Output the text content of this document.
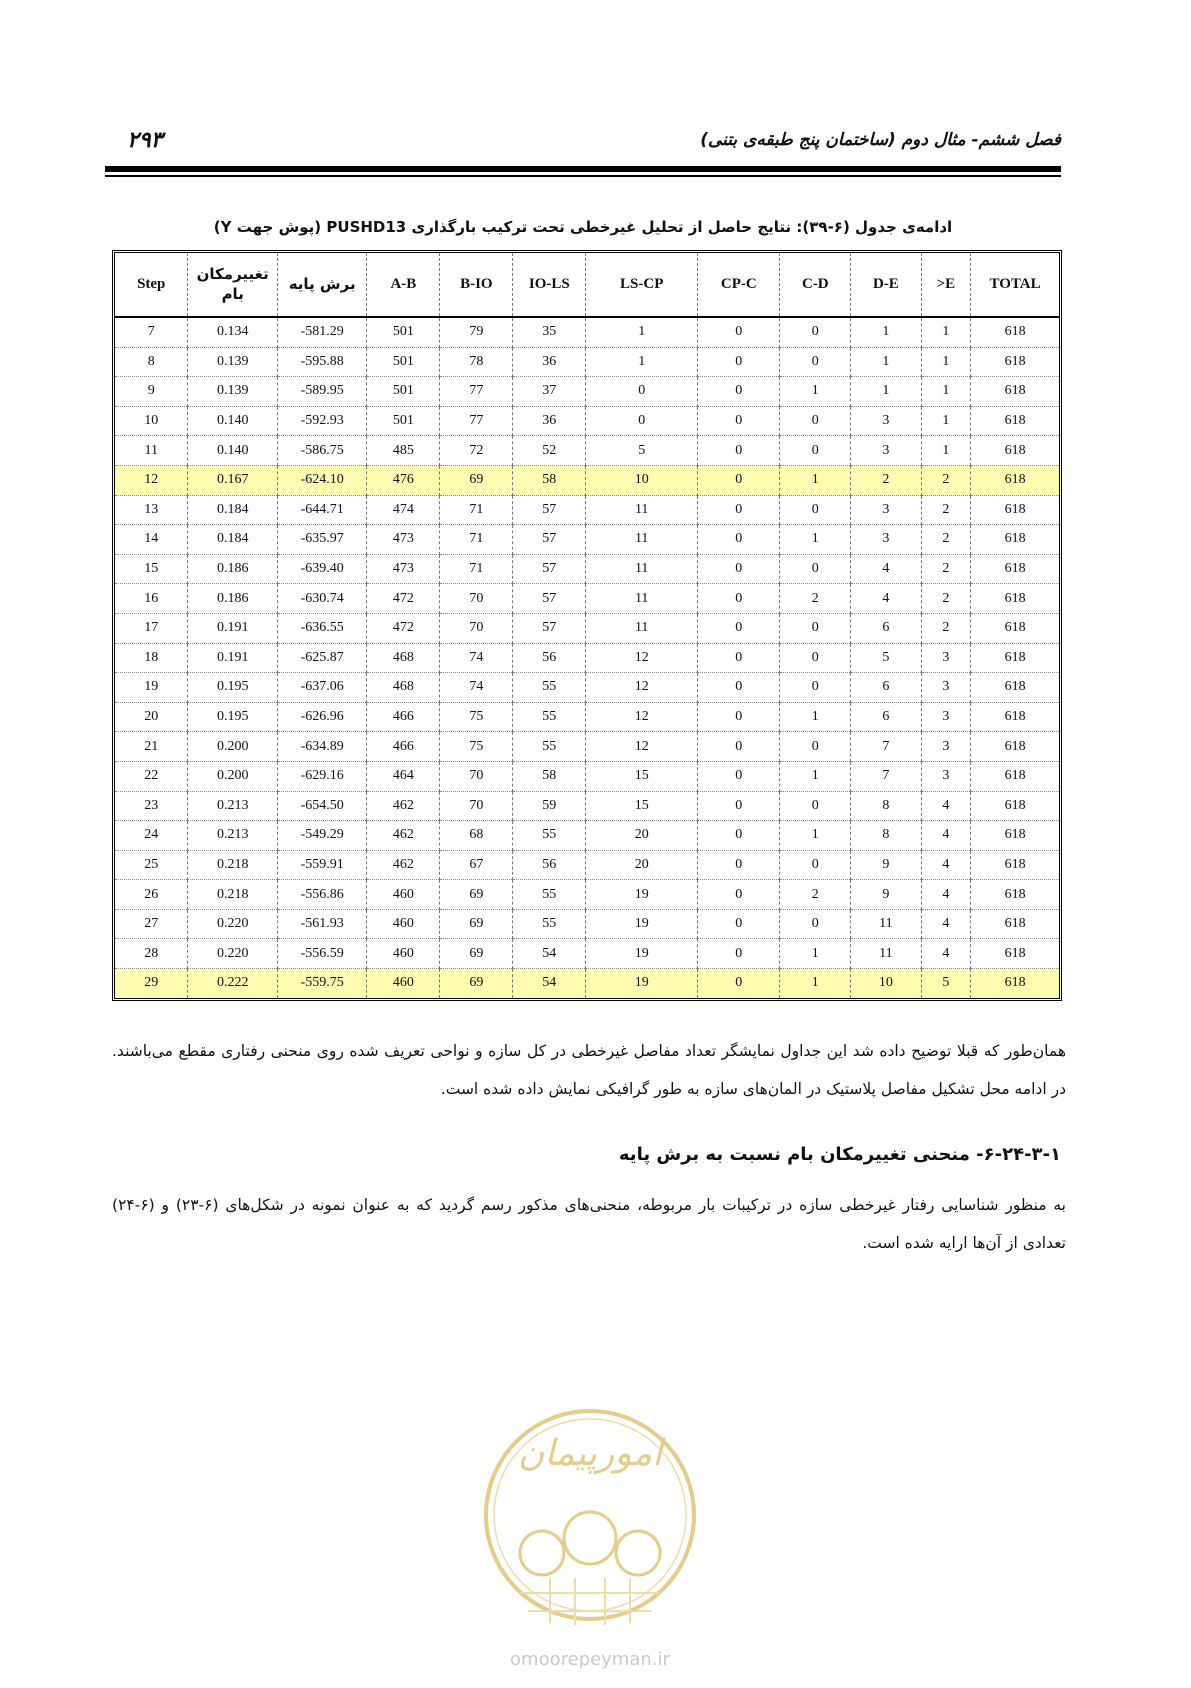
۲۹۳	فصل ششم- مثال دوم (ساختمان پنج طبقه‌ی بتنی)
ادامه‌ی جدول (۶-۳۹): نتایج حاصل از تحلیل غیرخطی تحت ترکیب بارگذاری PUSHD13 (پوش جهت Y)
Step	تغییرمکان بام	برش پایه	A-B	B-IO	IO-LS	LS-CP	CP-C	C-D	D-E	>E	TOTAL
7	0.134	-581.29	501	79	35	1	0	0	1	1	618
8	0.139	-595.88	501	78	36	1	0	0	1	1	618
9	0.139	-589.95	501	77	37	0	0	1	1	1	618
10	0.140	-592.93	501	77	36	0	0	0	3	1	618
11	0.140	-586.75	485	72	52	5	0	0	3	1	618
12	0.167	-624.10	476	69	58	10	0	1	2	2	618
13	0.184	-644.71	474	71	57	11	0	0	3	2	618
14	0.184	-635.97	473	71	57	11	0	1	3	2	618
15	0.186	-639.40	473	71	57	11	0	0	4	2	618
16	0.186	-630.74	472	70	57	11	0	2	4	2	618
17	0.191	-636.55	472	70	57	11	0	0	6	2	618
18	0.191	-625.87	468	74	56	12	0	0	5	3	618
19	0.195	-637.06	468	74	55	12	0	0	6	3	618
20	0.195	-626.96	466	75	55	12	0	1	6	3	618
21	0.200	-634.89	466	75	55	12	0	0	7	3	618
22	0.200	-629.16	464	70	58	15	0	1	7	3	618
23	0.213	-654.50	462	70	59	15	0	0	8	4	618
24	0.213	-549.29	462	68	55	20	0	1	8	4	618
25	0.218	-559.91	462	67	56	20	0	0	9	4	618
26	0.218	-556.86	460	69	55	19	0	2	9	4	618
27	0.220	-561.93	460	69	55	19	0	0	11	4	618
28	0.220	-556.59	460	69	54	19	0	1	11	4	618
29	0.222	-559.75	460	69	54	19	0	1	10	5	618
همان‌طور که قبلا توضیح داده شد این جداول نمایشگر تعداد مفاصل غیرخطی در کل سازه و نواحی تعریف شده روی منحنی رفتاری مقطع می‌باشند. در ادامه محل تشکیل مفاصل پلاستیک در المان‌های سازه به طور گرافیکی نمایش داده شده است.
۶-۲۴-۳-۱- منحنی تغییرمکان بام نسبت به برش پایه
به منظور شناسایی رفتار غیرخطی سازه در ترکیبات بار مربوطه، منحنی‌های مذکور رسم گردید که به عنوان نمونه در شکل‌های (۶-۲۳) و (۶-۲۴) تعدادی از آن‌ها ارایه شده است.
امورپیمان
omoorepeyman.ir
